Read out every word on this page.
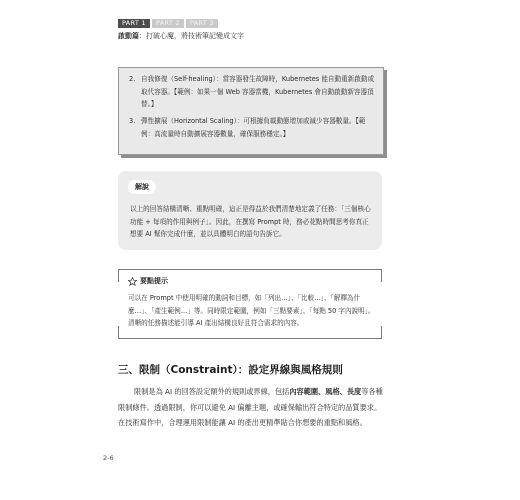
PART 1	PART 2	PART 3
啟動篇：打破心魔，將技術筆記變成文字
2. 自我修復（Self-healing）：當容器發生故障時，Kubernetes 能自動重新啟動或取代容器。【範例：如果一個 Web 容器當機，Kubernetes 會自動啟動新容器頂替。】
3. 彈性擴展（Horizontal Scaling）：可根據負載動態增加或減少容器數量。【範例：高流量時自動擴展容器數量，確保服務穩定。】
解說
以上的回答結構清晰、重點明確，這正是得益於我們清楚地定義了任務：「三個核心功能 + 每項的作用與例子」。因此，在撰寫 Prompt 時，務必花點時間思考你真正想要 AI 幫你完成什麼，並以具體明白的語句告訴它。
要點提示
可以在 Prompt 中使用明確的動詞和目標，如「列出…」、「比較…」、「解釋為什麼…」、「產生範例…」等。同時限定範圍，例如「三點要素」、「每點 50 字內說明」。清晰的任務描述能引導 AI 產出結構良好且符合需求的內容。
三、限制（Constraint）：設定界線與風格規則
限制是為 AI 的回答設定額外的規則或界線，包括內容範圍、風格、長度等各種限制條件。透過限制，你可以避免 AI 偏離主題，或確保輸出符合特定的品質要求。在技術寫作中，合理運用限制能讓 AI 的產出更精準貼合你想要的重點和風格。
2-6
